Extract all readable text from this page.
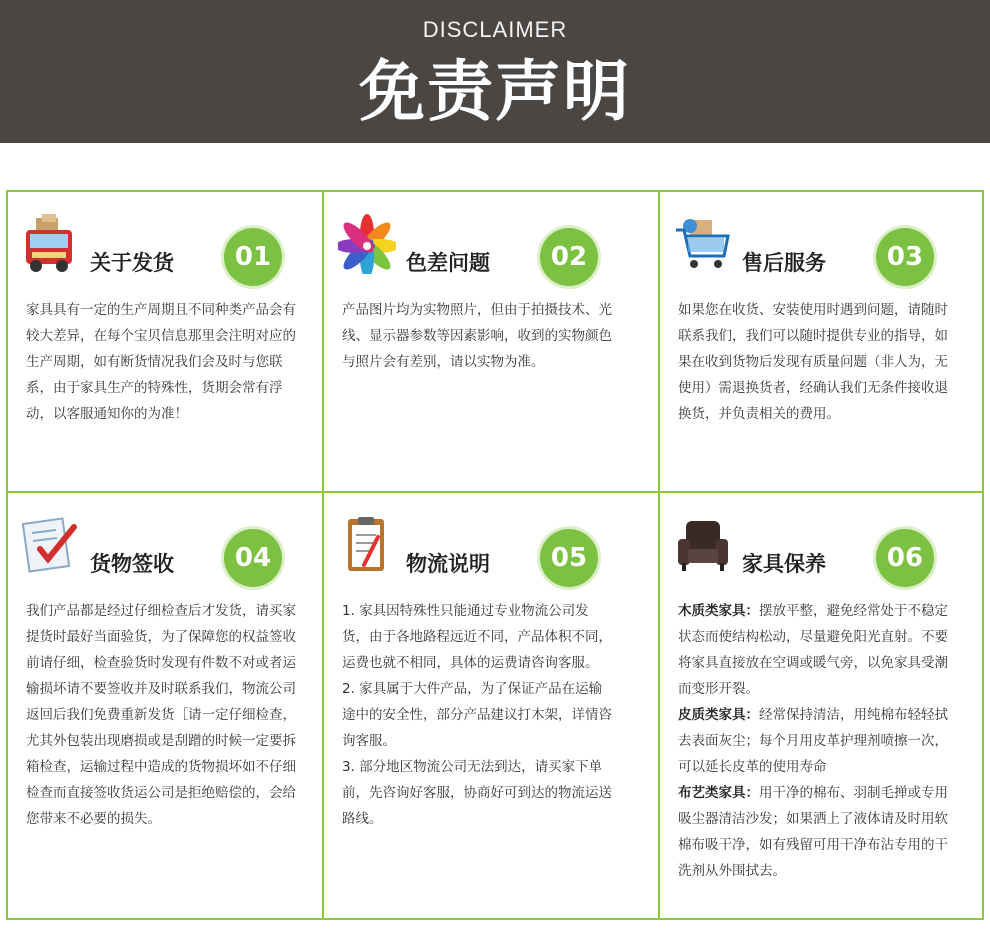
DISCLAIMER
免责声明
关于发货	01

家具具有一定的生产周期且不同种类产品会有较大差异，在每个宝贝信息那里会注明对应的生产周期，如有断货情况我们会及时与您联系，由于家具生产的特殊性，货期会常有浮动，以客服通知你的为准！

色差问题	02

产品图片均为实物照片，但由于拍摄技术、光线、显示器参数等因素影响，收到的实物颜色与照片会有差别，请以实物为准。

售后服务	03

如果您在收货、安装使用时遇到问题，请随时联系我们，我们可以随时提供专业的指导，如果在收到货物后发现有质量问题（非人为，无使用）需退换货者，经确认我们无条件接收退换货，并负责相关的费用。

货物签收	04

我们产品都是经过仔细检查后才发货，请买家提货时最好当面验货，为了保障您的权益签收前请仔细，检查验货时发现有件数不对或者运输损坏请不要签收并及时联系我们，物流公司返回后我们免费重新发货［请一定仔细检查，尤其外包装出现磨损或是刮蹭的时候一定要拆箱检查，运输过程中造成的货物损坏如不仔细检查而直接签收货运公司是拒绝赔偿的，会给您带来不必要的损失。

物流说明	05

1. 家具因特殊性只能通过专业物流公司发货，由于各地路程远近不同，产品体积不同，运费也就不相同，具体的运费请咨询客服。

2. 家具属于大件产品，为了保证产品在运输途中的安全性，部分产品建议打木架，详情咨询客服。

3. 部分地区物流公司无法到达，请买家下单前，先咨询好客服，协商好可到达的物流运送路线。

家具保养	06

木质类家具：摆放平整，避免经常处于不稳定状态而使结构松动，尽量避免阳光直射。不要将家具直接放在空调或暖气旁，以免家具受潮而变形开裂。

皮质类家具：经常保持清洁，用纯棉布轻轻拭去表面灰尘；每个月用皮革护理剂喷擦一次，可以延长皮革的使用寿命

布艺类家具：用干净的棉布、羽制毛掸或专用吸尘器清洁沙发；如果洒上了液体请及时用软棉布吸干净，如有残留可用干净布沾专用的干洗剂从外围拭去。
